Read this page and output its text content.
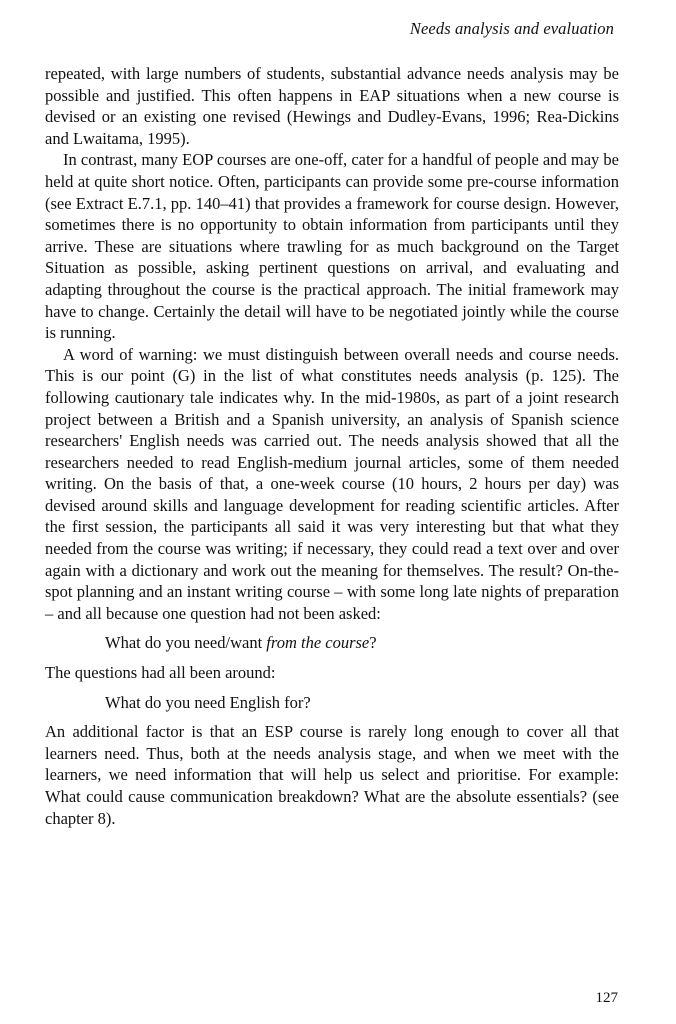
Needs analysis and evaluation

repeated, with large numbers of students, substantial advance needs analysis may be possible and justified. This often happens in EAP situations when a new course is devised or an existing one revised (Hewings and Dudley-Evans, 1996; Rea-Dickins and Lwaitama, 1995).

In contrast, many EOP courses are one-off, cater for a handful of people and may be held at quite short notice. Often, participants can provide some pre-course information (see Extract E.7.1, pp. 140–41) that provides a framework for course design. However, sometimes there is no opportunity to obtain information from participants until they arrive. These are situations where trawling for as much background on the Target Situation as possible, asking pertinent questions on arrival, and evaluating and adapting throughout the course is the practical approach. The initial framework may have to change. Certainly the detail will have to be negotiated jointly while the course is running.

A word of warning: we must distinguish between overall needs and course needs. This is our point (G) in the list of what constitutes needs analysis (p. 125). The following cautionary tale indicates why. In the mid-1980s, as part of a joint research project between a British and a Spanish university, an analysis of Spanish science researchers' English needs was carried out. The needs analysis showed that all the researchers needed to read English-medium journal articles, some of them needed writing. On the basis of that, a one-week course (10 hours, 2 hours per day) was devised around skills and language development for reading scientific articles. After the first session, the participants all said it was very interesting but that what they needed from the course was writing; if necessary, they could read a text over and over again with a dictionary and work out the meaning for themselves. The result? On-the-spot planning and an instant writing course – with some long late nights of preparation – and all because one question had not been asked:

What do you need/want from the course?

The questions had all been around:

What do you need English for?

An additional factor is that an ESP course is rarely long enough to cover all that learners need. Thus, both at the needs analysis stage, and when we meet with the learners, we need information that will help us select and prioritise. For example: What could cause communication breakdown? What are the absolute essentials? (see chapter 8).

127
